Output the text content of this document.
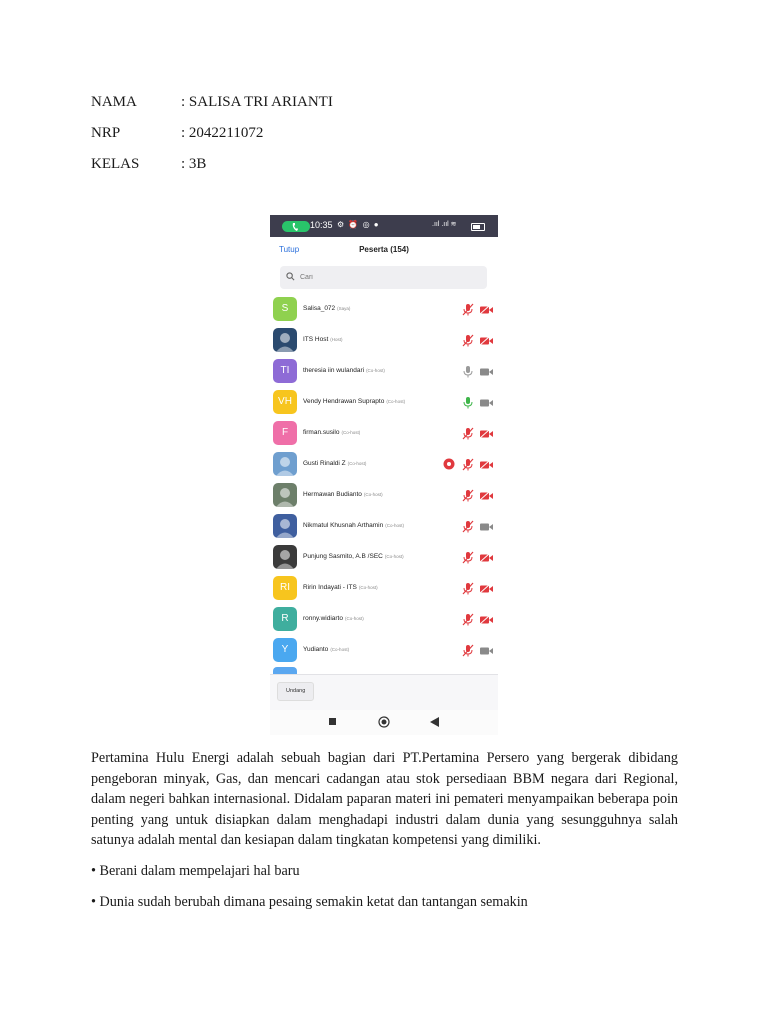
NAMA	: SALISA TRI ARIANTI
NRP	: 2042211072
KELAS	: 3B
10:35 ⚙ ⏰ ◎ ●	.ııl .ııl ≋
Tutup	Peserta (154)
Cari
S	Salisa_072 (Saya)
ITS Host (Host)
TI	theresia iin wulandari (Co-host)
VH	Vendy Hendrawan Suprapto (Co-host)
F	firman.susilo (Co-host)
Gusti Rinaldi Z (Co-host)
Hermawan Budianto (Co-host)
Nikmatul Khusnah Arthamin (Co-host)
Punjung Sasmito, A.B /SEC (Co-host)
RI	Ririn Indayati - ITS (Co-host)
R	ronny.widiarto (Co-host)
Y	Yudianto (Co-host)
Undang

Pertamina Hulu Energi adalah sebuah bagian dari PT.Pertamina Persero yang bergerak dibidang pengeboran minyak, Gas, dan mencari cadangan atau stok persediaan BBM negara dari Regional, dalam negeri bahkan internasional. Didalam paparan materi ini pemateri menyampaikan beberapa poin penting yang untuk disiapkan dalam menghadapi industri dalam dunia yang sesungguhnya salah satunya adalah mental dan kesiapan dalam tingkatan kompetensi yang dimiliki.

• Berani dalam mempelajari hal baru
• Dunia sudah berubah dimana pesaing semakin ketat dan tantangan semakin
